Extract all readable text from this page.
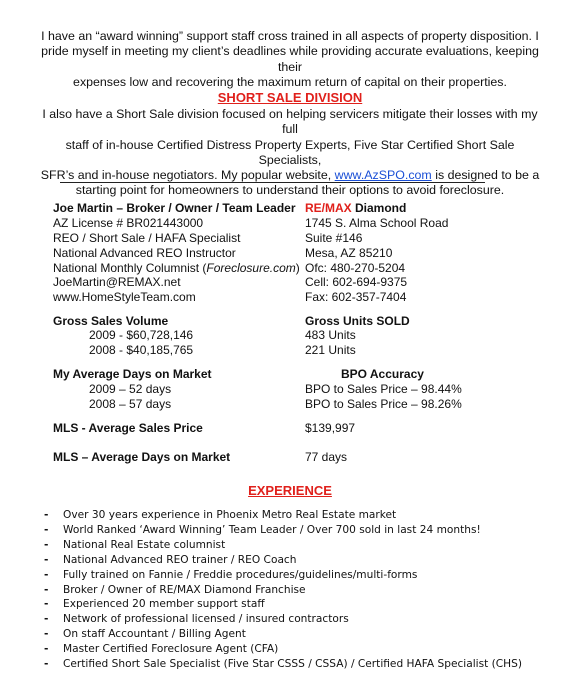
I have an “award winning” support staff cross trained in all aspects of property disposition. I

pride myself in meeting my client’s deadlines while providing accurate evaluations, keeping their

expenses low and recovering the maximum return of capital on their properties.

SHORT SALE DIVISION

I also have a Short Sale division focused on helping servicers mitigate their losses with my full

staff of in-house Certified Distress Property Experts, Five Star Certified Short Sale Specialists,

SFR’s and in-house negotiators. My popular website, www.AzSPO.com is designed to be a

starting point for homeowners to understand their options to avoid foreclosure.

Joe Martin – Broker / Owner / Team Leader
AZ License # BR021443000
REO / Short Sale / HAFA Specialist
National Advanced REO Instructor
National Monthly Columnist (Foreclosure.com)
JoeMartin@REMAX.net
www.HomeStyleTeam.com
RE/MAX Diamond
1745 S. Alma School Road
Suite #146
Mesa, AZ 85210
Ofc: 480-270-5204
Cell: 602-694-9375
Fax: 602-357-7404
Gross Sales Volume
2009 - $60,728,146
2008 - $40,185,765
Gross Units SOLD
483 Units
221 Units
My Average Days on Market
2009 – 52 days
2008 – 57 days
BPO Accuracy
BPO to Sales Price – 98.44%
BPO to Sales Price – 98.26%
MLS - Average Sales Price	$139,997
MLS – Average Days on Market	77 days

EXPERIENCE

- Over 30 years experience in Phoenix Metro Real Estate market
- World Ranked ‘Award Winning’ Team Leader / Over 700 sold in last 24 months!
- National Real Estate columnist
- National Advanced REO trainer / REO Coach
- Fully trained on Fannie / Freddie procedures/guidelines/multi-forms
- Broker / Owner of RE/MAX Diamond Franchise
- Experienced 20 member support staff
- Network of professional licensed / insured contractors
- On staff Accountant / Billing Agent
- Master Certified Foreclosure Agent (CFA)
- Certified Short Sale Specialist (Five Star CSSS / CSSA) / Certified HAFA Specialist (CHS)
